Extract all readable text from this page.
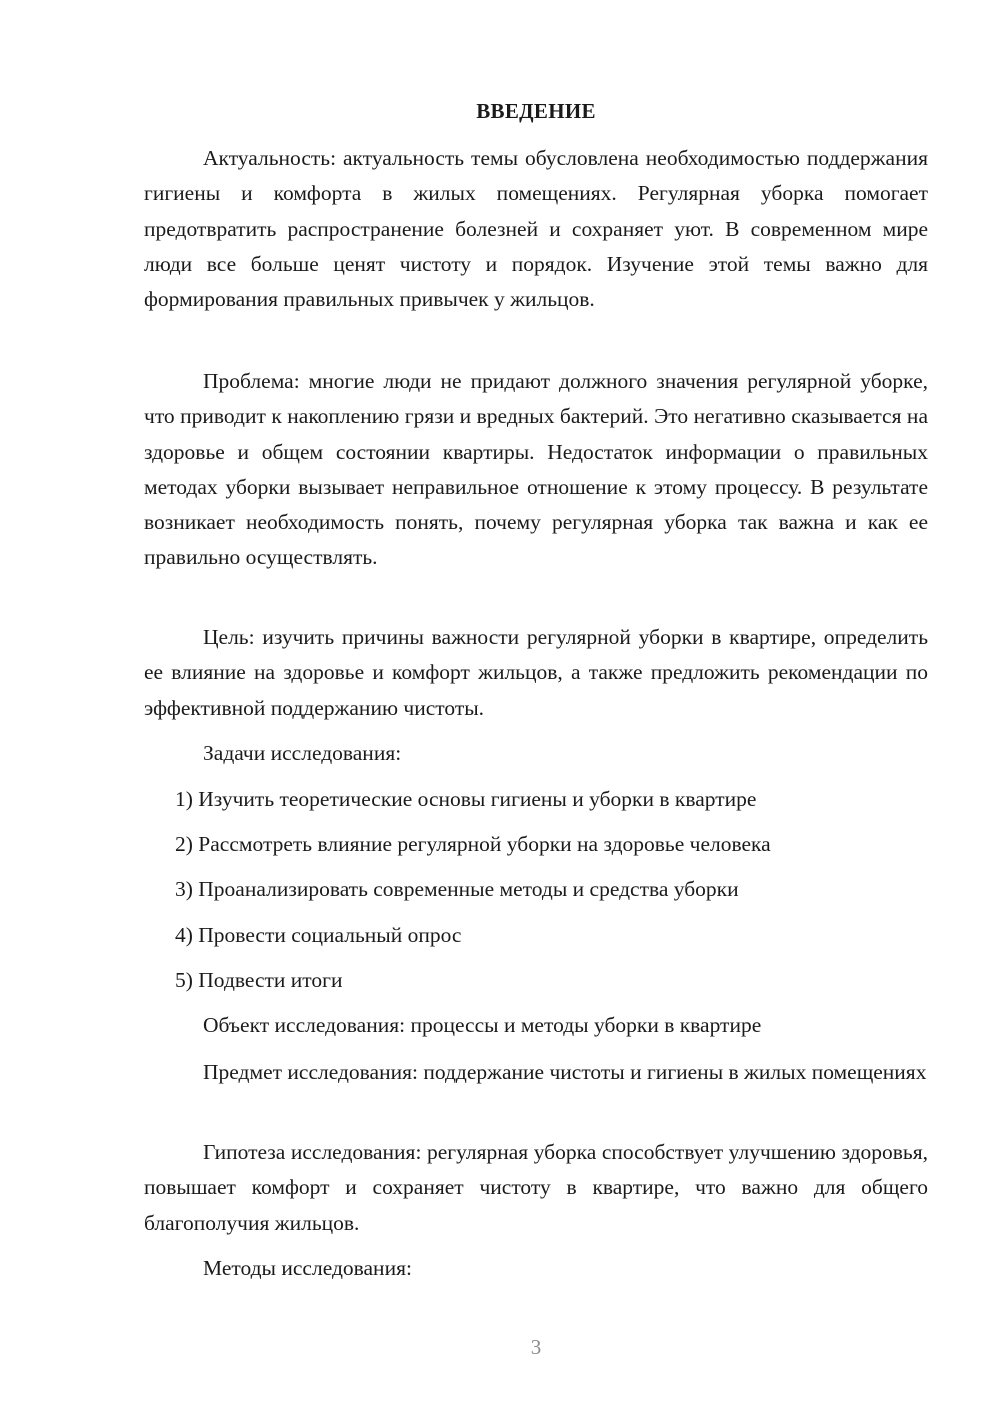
ВВЕДЕНИЕ

Актуальность: актуальность темы обусловлена необходимостью поддержания гигиены и комфорта в жилых помещениях. Регулярная уборка помогает предотвратить распространение болезней и сохраняет уют. В современном мире люди все больше ценят чистоту и порядок. Изучение этой темы важно для формирования правильных привычек у жильцов.

Проблема: многие люди не придают должного значения регулярной уборке, что приводит к накоплению грязи и вредных бактерий. Это негативно сказывается на здоровье и общем состоянии квартиры. Недостаток информации о правильных методах уборки вызывает неправильное отношение к этому процессу. В результате возникает необходимость понять, почему регулярная уборка так важна и как ее правильно осуществлять.

Цель: изучить причины важности регулярной уборки в квартире, определить ее влияние на здоровье и комфорт жильцов, а также предложить рекомендации по эффективной поддержанию чистоты.

Задачи исследования:

1) Изучить теоретические основы гигиены и уборки в квартире

2) Рассмотреть влияние регулярной уборки на здоровье человека

3) Проанализировать современные методы и средства уборки

4) Провести социальный опрос

5) Подвести итоги

Объект исследования: процессы и методы уборки в квартире

Предмет исследования: поддержание чистоты и гигиены в жилых помещениях

Гипотеза исследования: регулярная уборка способствует улучшению здоровья, повышает комфорт и сохраняет чистоту в квартире, что важно для общего благополучия жильцов.

Методы исследования:

3
